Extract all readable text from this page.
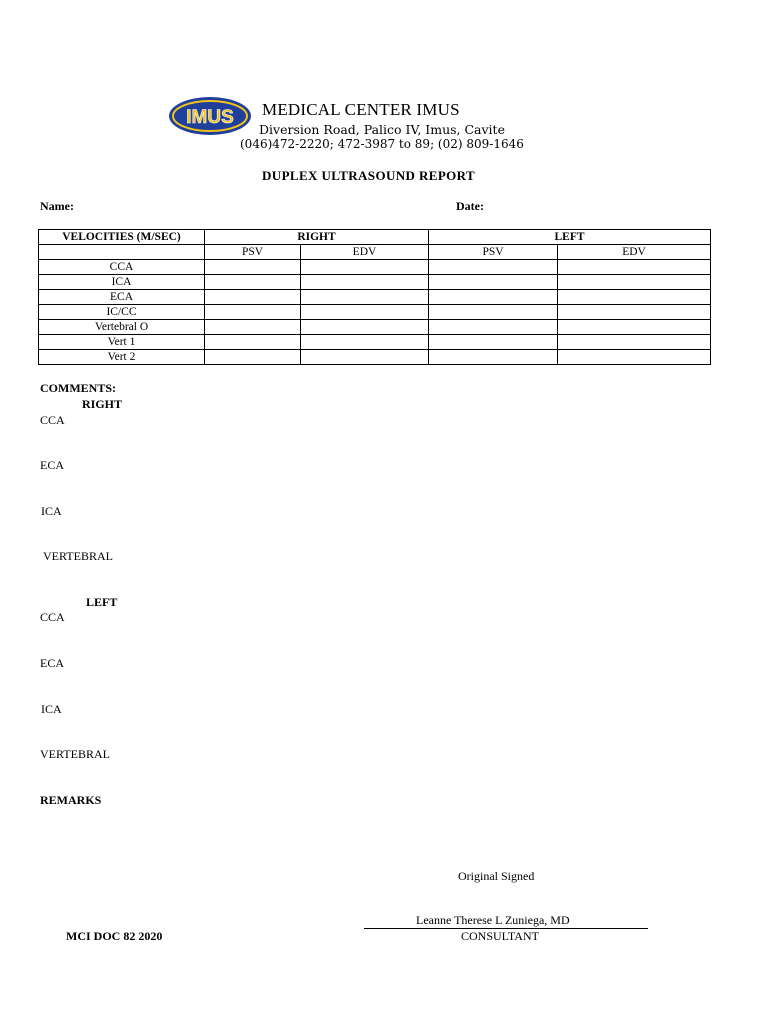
IMUS MEDICAL CENTER IMUS
Diversion Road, Palico IV, Imus, Cavite
(046)472-2220; 472-3987 to 89; (02) 809-1646
DUPLEX ULTRASOUND REPORT
Name:	Date:
VELOCITIES (M/SEC)	RIGHT		LEFT	
	PSV	EDV	PSV	EDV
CCA				
ICA				
ECA				
IC/CC				
Vertebral O				
Vert 1				
Vert 2				
COMMENTS:
RIGHT
CCA
ECA
ICA
VERTEBRAL
LEFT
CCA
ECA
ICA
VERTEBRAL
REMARKS
Original Signed
Leanne Therese L Zuniega, MD
CONSULTANT
MCI DOC 82 2020
